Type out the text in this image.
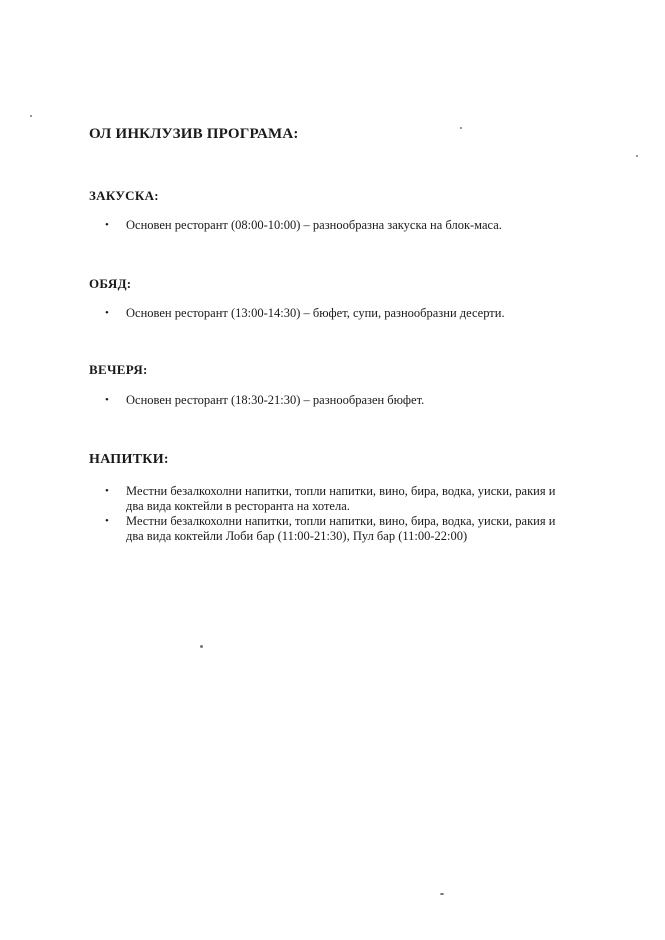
ОЛ ИНКЛУЗИВ ПРОГРАМА:
ЗАКУСКА:
• Основен ресторант (08:00-10:00) – разнообразна закуска на блок-маса.
ОБЯД:
• Основен ресторант (13:00-14:30) – бюфет, супи, разнообразни десерти.
ВЕЧЕРЯ:
• Основен ресторант (18:30-21:30) – разнообразен бюфет.
НАПИТКИ:
• Местни безалкохолни напитки, топли напитки, вино, бира, водка, уиски, ракия и два вида коктейли в ресторанта на хотела.
• Местни безалкохолни напитки, топли напитки, вино, бира, водка, уиски, ракия и два вида коктейли Лоби бар (11:00-21:30), Пул бар (11:00-22:00)
